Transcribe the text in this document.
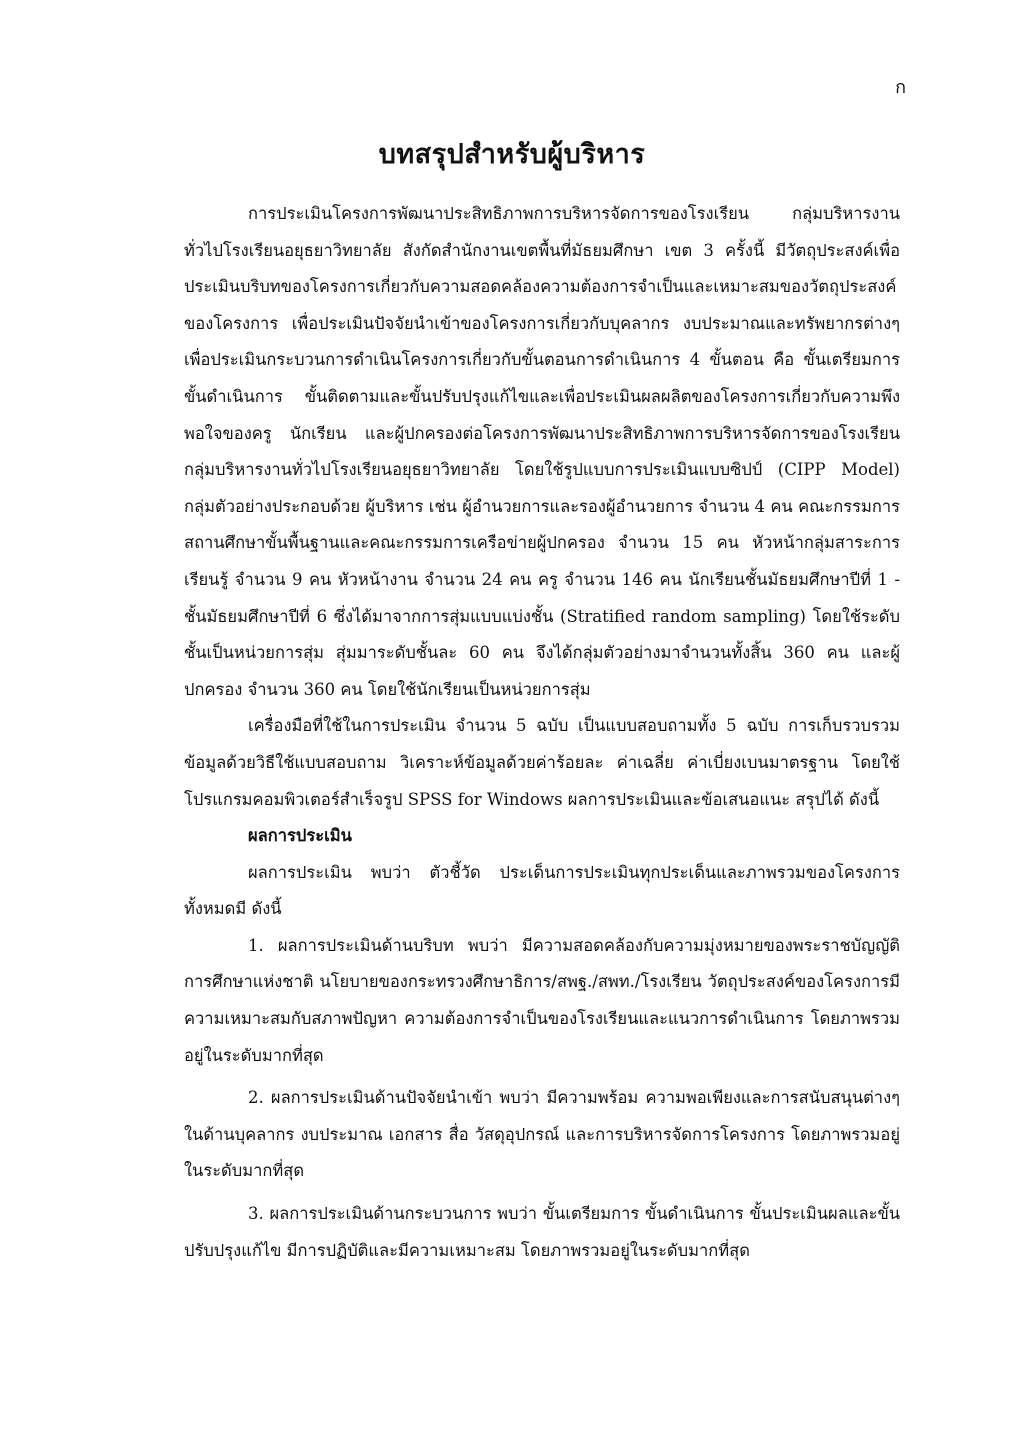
ก
บทสรุปสำหรับผู้บริหาร

การประเมินโครงการพัฒนาประสิทธิภาพการบริหารจัดการของโรงเรียน กลุ่มบริหารงานทั่วไปโรงเรียนอยุธยาวิทยาลัย สังกัดสำนักงานเขตพื้นที่มัธยมศึกษา เขต 3 ครั้งนี้ มีวัตถุประสงค์เพื่อประเมินบริบทของโครงการเกี่ยวกับความสอดคล้องความต้องการจำเป็นและเหมาะสมของวัตถุประสงค์ของโครงการ เพื่อประเมินปัจจัยนำเข้าของโครงการเกี่ยวกับบุคลากร งบประมาณและทรัพยากรต่างๆ เพื่อประเมินกระบวนการดำเนินโครงการเกี่ยวกับขั้นตอนการดำเนินการ 4 ขั้นตอน คือ ขั้นเตรียมการ ขั้นดำเนินการ ขั้นติดตามและขั้นปรับปรุงแก้ไขและเพื่อประเมินผลผลิตของโครงการเกี่ยวกับความพึงพอใจของครู นักเรียน และผู้ปกครองต่อโครงการพัฒนาประสิทธิภาพการบริหารจัดการของโรงเรียน กลุ่มบริหารงานทั่วไปโรงเรียนอยุธยาวิทยาลัย โดยใช้รูปแบบการประเมินแบบซิปป์ (CIPP Model) กลุ่มตัวอย่างประกอบด้วย ผู้บริหาร เช่น ผู้อำนวยการและรองผู้อำนวยการ จำนวน 4 คน คณะกรรมการสถานศึกษาขั้นพื้นฐานและคณะกรรมการเครือข่ายผู้ปกครอง จำนวน 15 คน หัวหน้ากลุ่มสาระการเรียนรู้ จำนวน 9 คน หัวหน้างาน จำนวน 24 คน ครู จำนวน 146 คน นักเรียนชั้นมัธยมศึกษาปีที่ 1 - ชั้นมัธยมศึกษาปีที่ 6 ซึ่งได้มาจากการสุ่มแบบแบ่งชั้น (Stratified random sampling) โดยใช้ระดับชั้นเป็นหน่วยการสุ่ม สุ่มมาระดับชั้นละ 60 คน จึงได้กลุ่มตัวอย่างมาจำนวนทั้งสิ้น 360 คน และผู้ปกครอง จำนวน 360 คน โดยใช้นักเรียนเป็นหน่วยการสุ่ม

เครื่องมือที่ใช้ในการประเมิน จำนวน 5 ฉบับ เป็นแบบสอบถามทั้ง 5 ฉบับ การเก็บรวบรวมข้อมูลด้วยวิธีใช้แบบสอบถาม วิเคราะห์ข้อมูลด้วยค่าร้อยละ ค่าเฉลี่ย ค่าเบี่ยงเบนมาตรฐาน โดยใช้โปรแกรมคอมพิวเตอร์สำเร็จรูป SPSS for Windows ผลการประเมินและข้อเสนอแนะ สรุปได้ ดังนี้

ผลการประเมิน

ผลการประเมิน พบว่า ตัวชี้วัด ประเด็นการประเมินทุกประเด็นและภาพรวมของโครงการทั้งหมดมี ดังนี้

1. ผลการประเมินด้านบริบท พบว่า มีความสอดคล้องกับความมุ่งหมายของพระราชบัญญัติการศึกษาแห่งชาติ นโยบายของกระทรวงศึกษาธิการ/สพฐ./สพท./โรงเรียน วัตถุประสงค์ของโครงการมีความเหมาะสมกับสภาพปัญหา ความต้องการจำเป็นของโรงเรียนและแนวการดำเนินการ โดยภาพรวมอยู่ในระดับมากที่สุด

2. ผลการประเมินด้านปัจจัยนำเข้า พบว่า มีความพร้อม ความพอเพียงและการสนับสนุนต่างๆ ในด้านบุคลากร งบประมาณ เอกสาร สื่อ วัสดุอุปกรณ์ และการบริหารจัดการโครงการ โดยภาพรวมอยู่ในระดับมากที่สุด

3. ผลการประเมินด้านกระบวนการ พบว่า ขั้นเตรียมการ ขั้นดำเนินการ ขั้นประเมินผลและขั้นปรับปรุงแก้ไข มีการปฏิบัติและมีความเหมาะสม โดยภาพรวมอยู่ในระดับมากที่สุด
